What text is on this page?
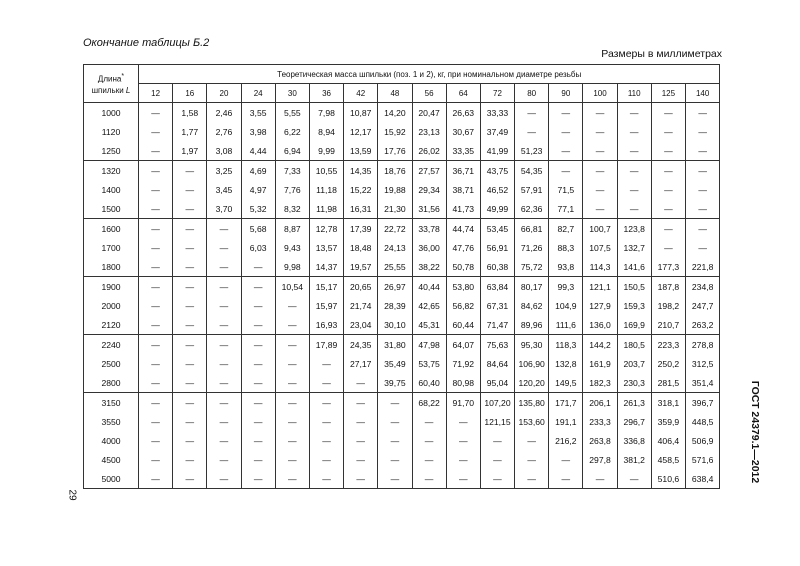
Окончание таблицы Б.2
Размеры в миллиметрах
Длина*
шпильки L	Теоретическая масса шпильки (поз. 1 и 2), кг, при номинальном диаметре резьбы																
	12	16	20	24	30	36	42	48	56	64	72	80	90	100	110	125	140
1000	—	1,58	2,46	3,55	5,55	7,98	10,87	14,20	20,47	26,63	33,33	—	—	—	—	—	—
1120	—	1,77	2,76	3,98	6,22	8,94	12,17	15,92	23,13	30,67	37,49	—	—	—	—	—	—
1250	—	1,97	3,08	4,44	6,94	9,99	13,59	17,76	26,02	33,35	41,99	51,23	—	—	—	—	—
1320	—	—	3,25	4,69	7,33	10,55	14,35	18,76	27,57	36,71	43,75	54,35	—	—	—	—	—
1400	—	—	3,45	4,97	7,76	11,18	15,22	19,88	29,34	38,71	46,52	57,91	71,5	—	—	—	—
1500	—	—	3,70	5,32	8,32	11,98	16,31	21,30	31,56	41,73	49,99	62,36	77,1	—	—	—	—
1600	—	—	—	5,68	8,87	12,78	17,39	22,72	33,78	44,74	53,45	66,81	82,7	100,7	123,8	—	—
1700	—	—	—	6,03	9,43	13,57	18,48	24,13	36,00	47,76	56,91	71,26	88,3	107,5	132,7	—	—
1800	—	—	—	—	9,98	14,37	19,57	25,55	38,22	50,78	60,38	75,72	93,8	114,3	141,6	177,3	221,8
1900	—	—	—	—	10,54	15,17	20,65	26,97	40,44	53,80	63,84	80,17	99,3	121,1	150,5	187,8	234,8
2000	—	—	—	—	—	15,97	21,74	28,39	42,65	56,82	67,31	84,62	104,9	127,9	159,3	198,2	247,7
2120	—	—	—	—	—	16,93	23,04	30,10	45,31	60,44	71,47	89,96	111,6	136,0	169,9	210,7	263,2
2240	—	—	—	—	—	17,89	24,35	31,80	47,98	64,07	75,63	95,30	118,3	144,2	180,5	223,3	278,8
2500	—	—	—	—	—	—	27,17	35,49	53,75	71,92	84,64	106,90	132,8	161,9	203,7	250,2	312,5
2800	—	—	—	—	—	—	—	39,75	60,40	80,98	95,04	120,20	149,5	182,3	230,3	281,5	351,4
3150	—	—	—	—	—	—	—	—	68,22	91,70	107,20	135,80	171,7	206,1	261,3	318,1	396,7
3550	—	—	—	—	—	—	—	—	—	—	121,15	153,60	191,1	233,3	296,7	359,9	448,5
4000	—	—	—	—	—	—	—	—	—	—	—	—	216,2	263,8	336,8	406,4	506,9
4500	—	—	—	—	—	—	—	—	—	—	—	—	—	297,8	381,2	458,5	571,6
5000	—	—	—	—	—	—	—	—	—	—	—	—	—	—	—	510,6	638,4	ГОСТ 24379.1—2012
29
